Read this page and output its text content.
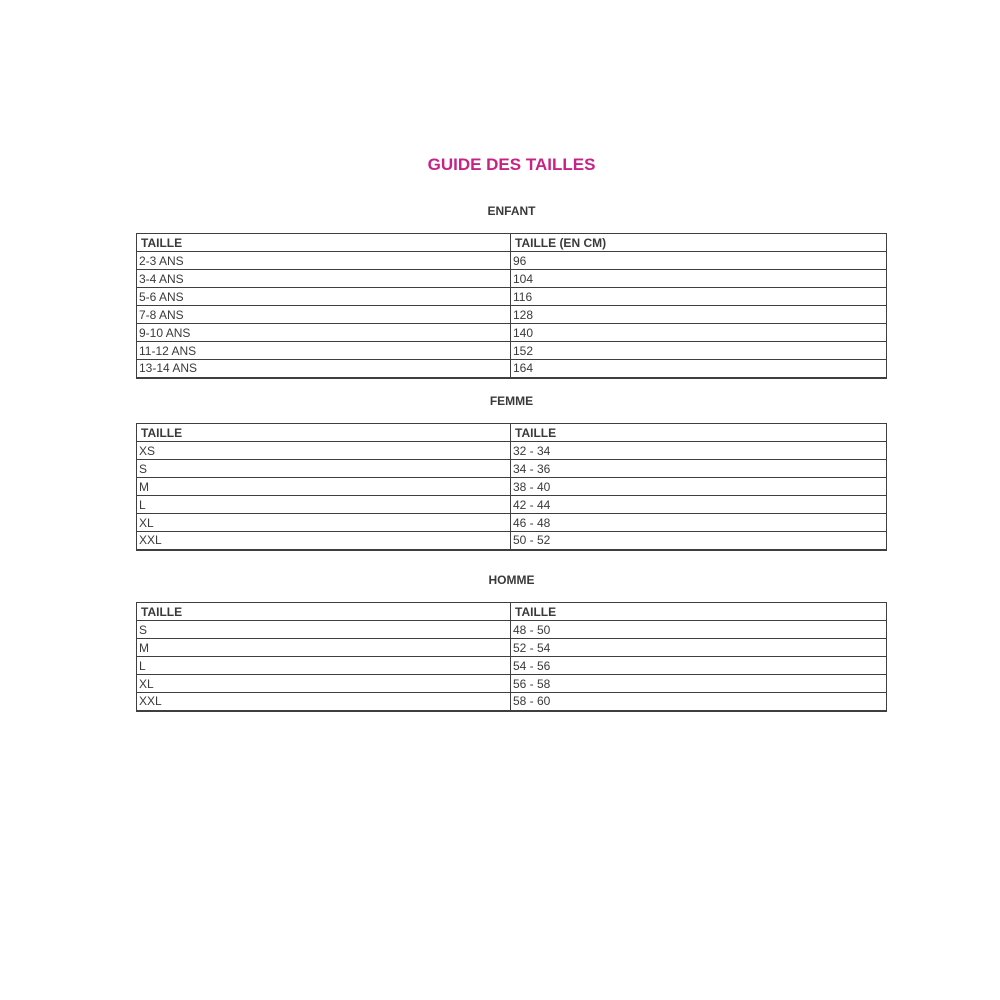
GUIDE DES TAILLES
ENFANT
TAILLE	TAILLE (EN CM)
2-3 ANS	96
3-4 ANS	104
5-6 ANS	116
7-8 ANS	128
9-10 ANS	140
11-12 ANS	152
13-14 ANS	164
FEMME
TAILLE	TAILLE
XS	32 - 34
S	34 - 36
M	38 - 40
L	42 - 44
XL	46 - 48
XXL	50 - 52
HOMME
TAILLE	TAILLE
S	48 - 50
M	52 - 54
L	54 - 56
XL	56 - 58
XXL	58 - 60
